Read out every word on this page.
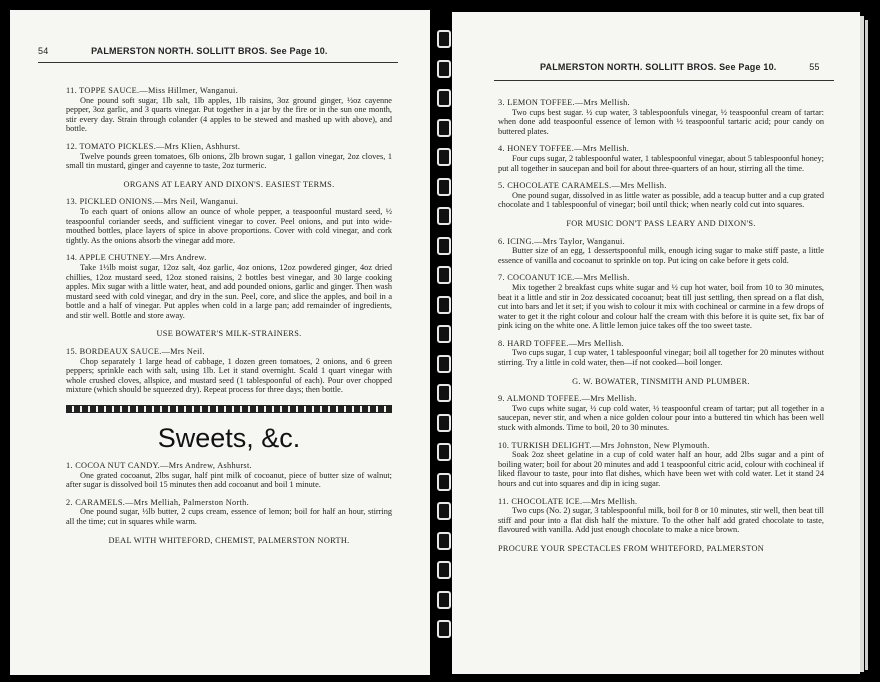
54	PALMERSTON NORTH. SOLLITT BROS. See Page 10.
11. TOPPE SAUCE.—Miss Hillmer, Wanganui.
One pound soft sugar, 1lb salt, 1lb apples, 1lb raisins, 3oz ground ginger, ½oz cayenne pepper, 3oz garlic, and 3 quarts vinegar. Put together in a jar by the fire or in the sun one month, stir every day. Strain through colander (4 apples to be stewed and mashed up with above), and bottle.
12. TOMATO PICKLES.—Mrs Klien, Ashhurst.
Twelve pounds green tomatoes, 6lb onions, 2lb brown sugar, 1 gallon vinegar, 2oz cloves, 1 small tin mustard, ginger and cayenne to taste, 2oz turmeric.
ORGANS AT LEARY AND DIXON'S. EASIEST TERMS.
13. PICKLED ONIONS.—Mrs Neil, Wanganui.
To each quart of onions allow an ounce of whole pepper, a teaspoonful mustard seed, ½ teaspoonful coriander seeds, and sufficient vinegar to cover. Peel onions, and put into wide-mouthed bottles, place layers of spice in above proportions. Cover with cold vinegar, and cork tightly. As the onions absorb the vinegar add more.
14. APPLE CHUTNEY.—Mrs Andrew.
Take 1½lb moist sugar, 12oz salt, 4oz garlic, 4oz onions, 12oz powdered ginger, 4oz dried chillies, 12oz mustard seed, 12oz stoned raisins, 2 bottles best vinegar, and 30 large cooking apples. Mix sugar with a little water, heat, and add pounded onions, garlic and ginger. Then wash mustard seed with cold vinegar, and dry in the sun. Peel, core, and slice the apples, and boil in a bottle and a half of vinegar. Put apples when cold in a large pan; add remainder of ingredients, and stir well. Bottle and store away.
USE BOWATER'S MILK-STRAINERS.
15. BORDEAUX SAUCE.—Mrs Neil.
Chop separately 1 large head of cabbage, 1 dozen green tomatoes, 2 onions, and 6 green peppers; sprinkle each with salt, using 1lb. Let it stand overnight. Scald 1 quart vinegar with whole crushed cloves, allspice, and mustard seed (1 tablespoonful of each). Pour over chopped mixture (which should be squeezed dry). Repeat process for three days; then bottle.
Sweets, &c.
1. COCOA NUT CANDY.—Mrs Andrew, Ashhurst.
One grated cocoanut, 2lbs sugar, half pint milk of cocoanut, piece of butter size of walnut; after sugar is dissolved boil 15 minutes then add cocoanut and boil 1 minute.
2. CARAMELS.—Mrs Melliah, Palmerston North.
One pound sugar, ½lb butter, 2 cups cream, essence of lemon; boil for half an hour, stirring all the time; cut in squares while warm.
DEAL WITH WHITEFORD, CHEMIST, PALMERSTON NORTH.
PALMERSTON NORTH. SOLLITT BROS. See Page 10.	55
3. LEMON TOFFEE.—Mrs Mellish.
Two cups best sugar. ½ cup water, 3 tablespoonfuls vinegar, ½ teaspoonful cream of tartar: when done add teaspoonful essence of lemon with ½ teaspoonful tartaric acid; pour candy on buttered plates.
4. HONEY TOFFEE.—Mrs Mellish.
Four cups sugar, 2 tablespoonful water, 1 tablespoonful vinegar, about 5 tablespoonful honey; put all together in saucepan and boil for about three-quarters of an hour, stirring all the time.
5. CHOCOLATE CARAMELS.—Mrs Mellish.
One pound sugar, dissolved in as little water as possible, add a teacup butter and a cup grated chocolate and 1 tablespoonful of vinegar; boil until thick; when nearly cold cut into squares.
FOR MUSIC DON'T PASS LEARY AND DIXON'S.
6. ICING.—Mrs Taylor, Wanganui.
Butter size of an egg, 1 dessertspoonful milk, enough icing sugar to make stiff paste, a little essence of vanilla and cocoanut to sprinkle on top. Put icing on cake before it gets cold.
7. COCOANUT ICE.—Mrs Mellish.
Mix together 2 breakfast cups white sugar and ½ cup hot water, boil from 10 to 30 minutes, beat it a little and stir in 2oz dessicated cocoanut; beat till just settling, then spread on a flat dish, cut into bars and let it set; if you wish to colour it mix with cochineal or carmine in a few drops of water to get it the right colour and colour half the cream with this before it is quite set, fix bar of pink icing on the white one. A little lemon juice takes off the too sweet taste.
8. HARD TOFFEE.—Mrs Mellish.
Two cups sugar, 1 cup water, 1 tablespoonful vinegar; boil all together for 20 minutes without stirring. Try a little in cold water, then—if not cooked—boil longer.
G. W. BOWATER, TINSMITH AND PLUMBER.
9. ALMOND TOFFEE.—Mrs Mellish.
Two cups white sugar, ½ cup cold water, ½ teaspoonful cream of tartar; put all together in a saucepan, never stir, and when a nice golden colour pour into a buttered tin which has been well stuck with almonds. Time to boil, 20 to 30 minutes.
10. TURKISH DELIGHT.—Mrs Johnston, New Plymouth.
Soak 2oz sheet gelatine in a cup of cold water half an hour, add 2lbs sugar and a pint of boiling water; boil for about 20 minutes and add 1 teaspoonful citric acid, colour with cochineal if liked flavour to taste, pour into flat dishes, which have been wet with cold water. Let it stand 24 hours and cut into squares and dip in icing sugar.
11. CHOCOLATE ICE.—Mrs Mellish.
Two cups (No. 2) sugar, 3 tablespoonful milk, boil for 8 or 10 minutes, stir well, then beat till stiff and pour into a flat dish half the mixture. To the other half add grated chocolate to taste, flavoured with vanilla. Add just enough chocolate to make a nice brown.
PROCURE YOUR SPECTACLES FROM WHITEFORD, PALMERSTON
